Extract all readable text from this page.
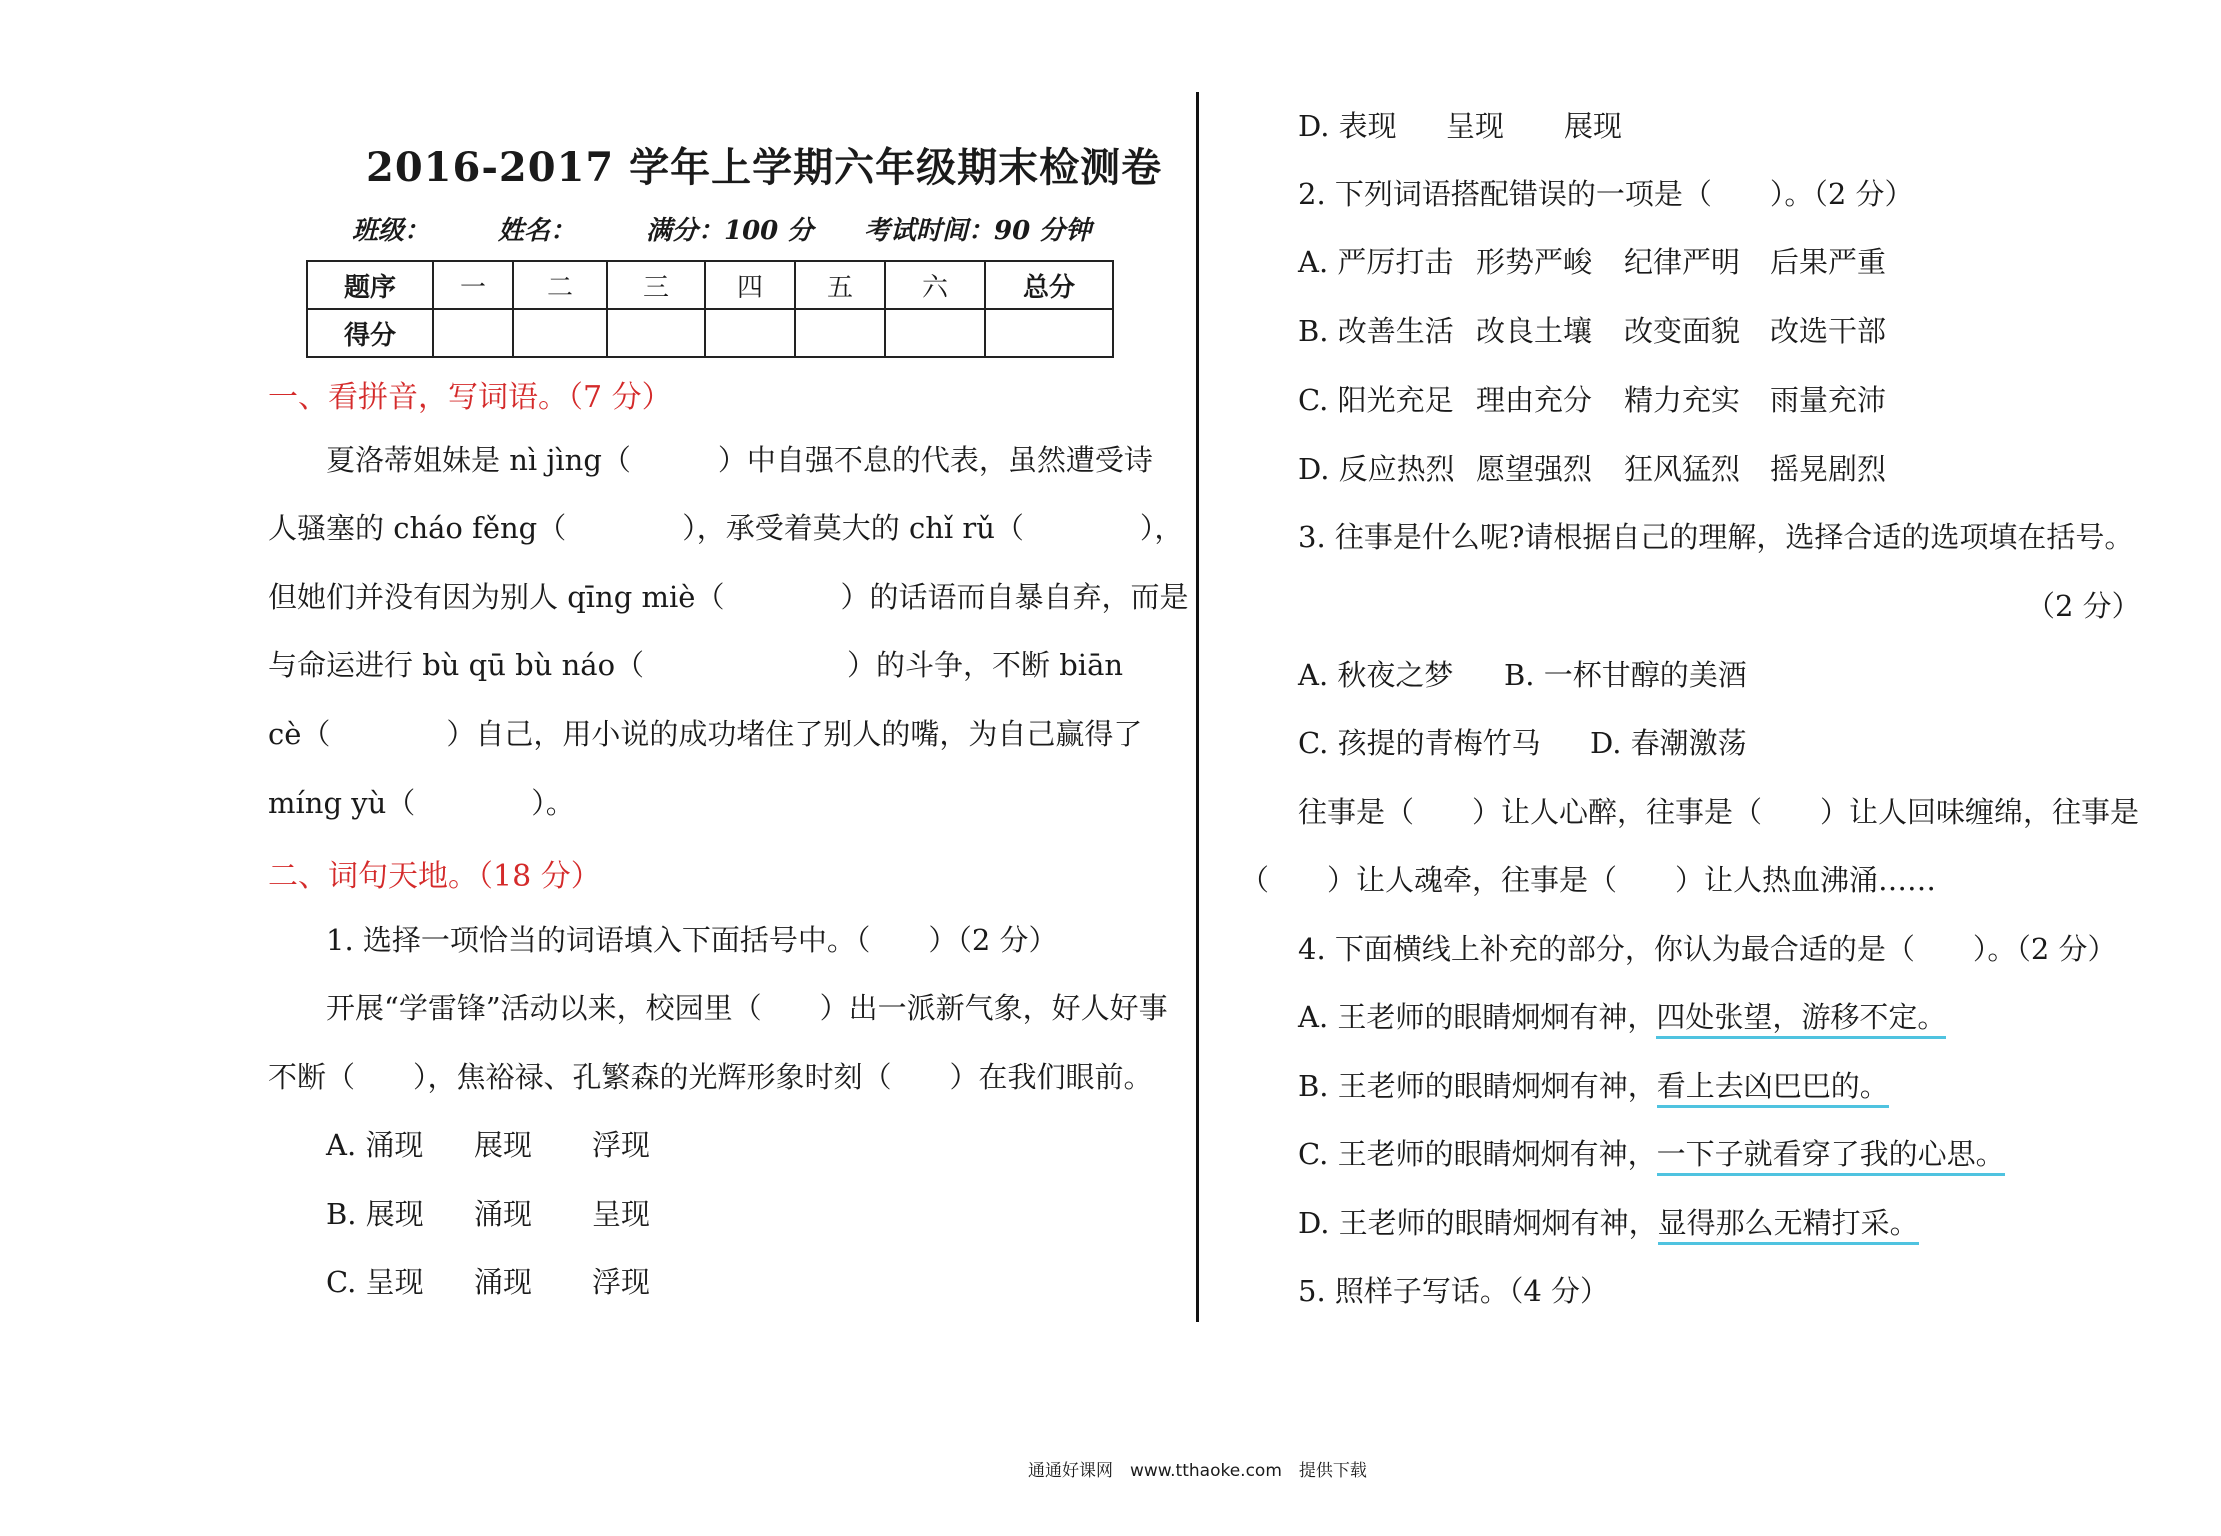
2016-2017 学年上学期六年级期末检测卷
班级：	姓名：	满分：100 分 考试时间：90 分钟
题序	一	二	三	四	五	六	总分
得分							
一、看拼音，写词语。（7 分）
夏洛蒂姐妹是 nì jìng（　　　）中自强不息的代表，虽然遭受诗
人骚塞的 cháo fěng（　　　　），承受着莫大的 chǐ rǔ（　　　　），
但她们并没有因为别人 qīng miè（　　　　）的话语而自暴自弃，而是
与命运进行 bù qū bù náo（　　　　　　　）的斗争，不断 biān
cè（　　　　）自己，用小说的成功堵住了别人的嘴，为自己赢得了
míng yù（　　　　）。
二、词句天地。（18 分）
1. 选择一项恰当的词语填入下面括号中。（　　）（2 分）
开展“学雷锋”活动以来，校园里（　　）出一派新气象，好人好事
不断（　　），焦裕禄、孔繁森的光辉形象时刻（　　）在我们眼前。
A. 涌现 展现 浮现
B. 展现 涌现 呈现
C. 呈现 涌现 浮现
D. 表现 呈现 展现
2. 下列词语搭配错误的一项是（　　）。（2 分）
A. 严厉打击 形势严峻 纪律严明 后果严重
B. 改善生活 改良土壤 改变面貌 改选干部
C. 阳光充足 理由充分 精力充实 雨量充沛
D. 反应热烈 愿望强烈 狂风猛烈 摇晃剧烈
3. 往事是什么呢?请根据自己的理解，选择合适的选项填在括号。
（2 分）
A. 秋夜之梦 B. 一杯甘醇的美酒
C. 孩提的青梅竹马 D. 春潮激荡
往事是（　　）让人心醉，往事是（　　）让人回味缠绵，往事是
（　　）让人魂牵，往事是（　　）让人热血沸涌……
4. 下面横线上补充的部分，你认为最合适的是（　　）。（2 分）
A. 王老师的眼睛炯炯有神，四处张望，游移不定。
B. 王老师的眼睛炯炯有神，看上去凶巴巴的。
C. 王老师的眼睛炯炯有神，一下子就看穿了我的心思。
D. 王老师的眼睛炯炯有神，显得那么无精打采。
5. 照样子写话。（4 分）
通通好课网　www.tthaoke.com　提供下载
